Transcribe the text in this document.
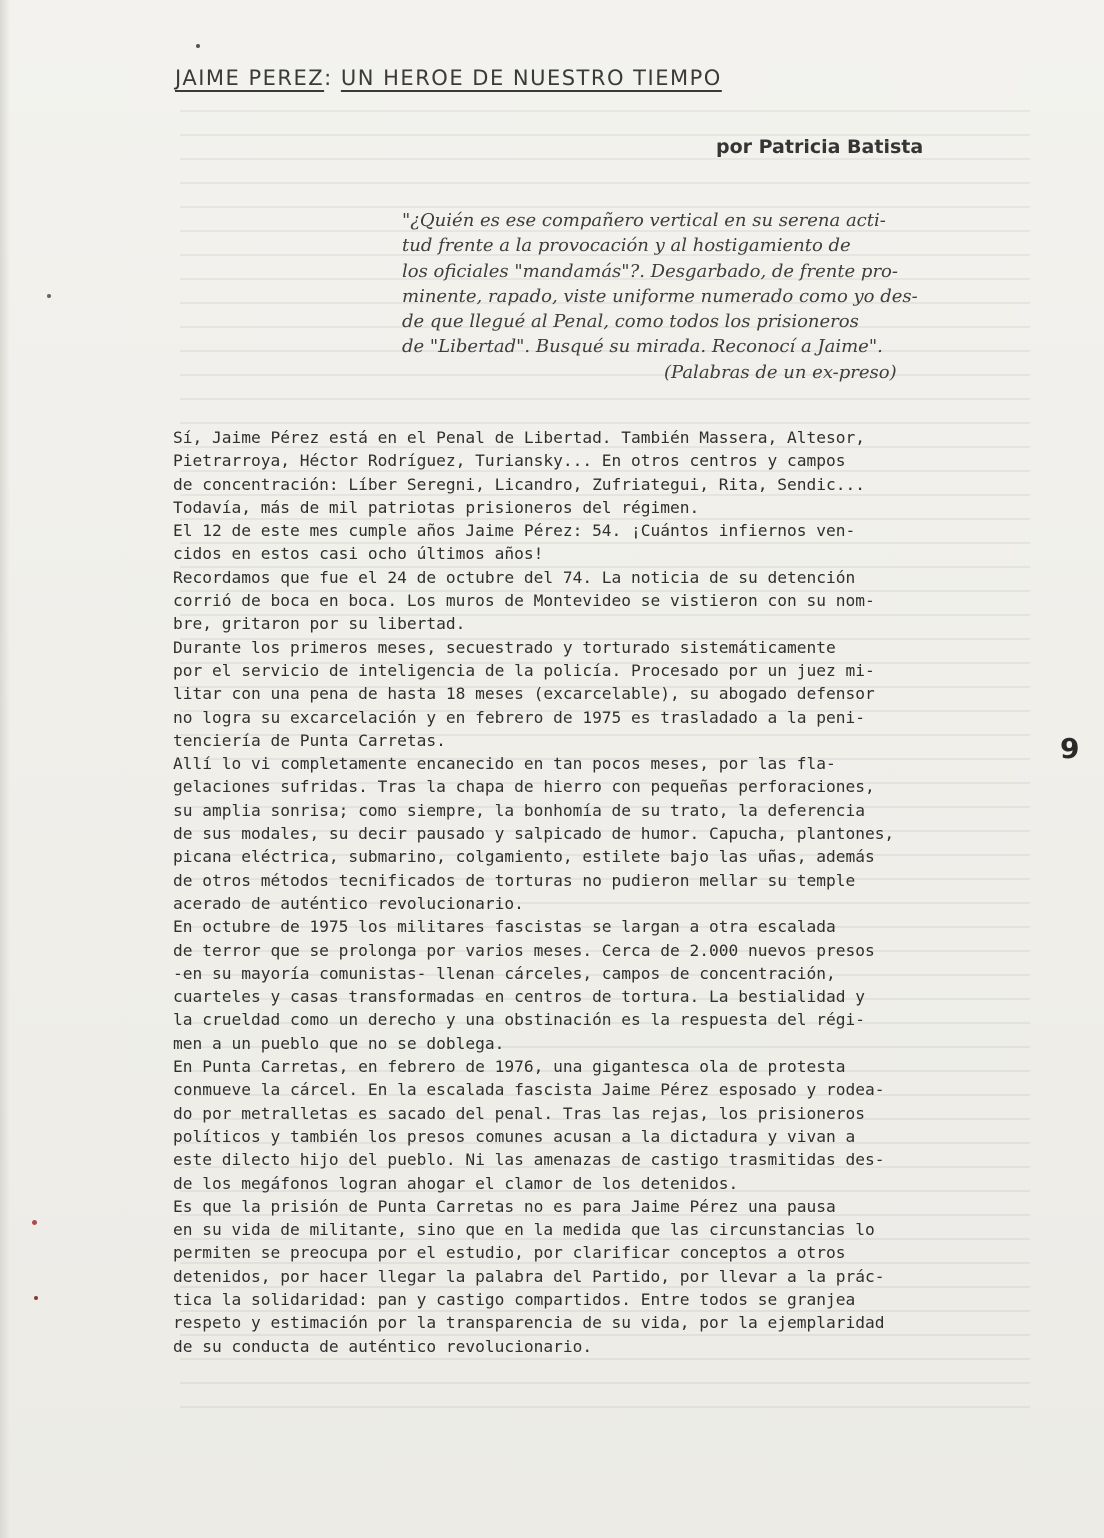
JAIME PEREZ: UN HEROE DE NUESTRO TIEMPO
por Patricia Batista
"¿Quién es ese compañero vertical en su serena acti-
tud frente a la provocación y al hostigamiento de
los oficiales "mandamás"?. Desgarbado, de frente pro-
minente, rapado, viste uniforme numerado como yo des-
de que llegué al Penal, como todos los prisioneros
de "Libertad". Busqué su mirada. Reconocí a Jaime".
(Palabras de un ex-preso)
Sí, Jaime Pérez está en el Penal de Libertad. También Massera, Altesor,
Pietrarroya, Héctor Rodríguez, Turiansky... En otros centros y campos
de concentración: Líber Seregni, Licandro, Zufriategui, Rita, Sendic...
Todavía, más de mil patriotas prisioneros del régimen.
El 12 de este mes cumple años Jaime Pérez: 54. ¡Cuántos infiernos ven-
cidos en estos casi ocho últimos años!
Recordamos que fue el 24 de octubre del 74. La noticia de su detención
corrió de boca en boca. Los muros de Montevideo se vistieron con su nom-
bre, gritaron por su libertad.
Durante los primeros meses, secuestrado y torturado sistemáticamente
por el servicio de inteligencia de la policía. Procesado por un juez mi-
litar con una pena de hasta 18 meses (excarcelable), su abogado defensor
no logra su excarcelación y en febrero de 1975 es trasladado a la peni-
tenciería de Punta Carretas.
Allí lo vi completamente encanecido en tan pocos meses, por las fla-
gelaciones sufridas. Tras la chapa de hierro con pequeñas perforaciones,
su amplia sonrisa; como siempre, la bonhomía de su trato, la deferencia
de sus modales, su decir pausado y salpicado de humor. Capucha, plantones,
picana eléctrica, submarino, colgamiento, estilete bajo las uñas, además
de otros métodos tecnificados de torturas no pudieron mellar su temple
acerado de auténtico revolucionario.
En octubre de 1975 los militares fascistas se largan a otra escalada
de terror que se prolonga por varios meses. Cerca de 2.000 nuevos presos
-en su mayoría comunistas- llenan cárceles, campos de concentración,
cuarteles y casas transformadas en centros de tortura. La bestialidad y
la crueldad como un derecho y una obstinación es la respuesta del régi-
men a un pueblo que no se doblega.
En Punta Carretas, en febrero de 1976, una gigantesca ola de protesta
conmueve la cárcel. En la escalada fascista Jaime Pérez esposado y rodea-
do por metralletas es sacado del penal. Tras las rejas, los prisioneros
políticos y también los presos comunes acusan a la dictadura y vivan a
este dilecto hijo del pueblo. Ni las amenazas de castigo trasmitidas des-
de los megáfonos logran ahogar el clamor de los detenidos.
Es que la prisión de Punta Carretas no es para Jaime Pérez una pausa
en su vida de militante, sino que en la medida que las circunstancias lo
permiten se preocupa por el estudio, por clarificar conceptos a otros
detenidos, por hacer llegar la palabra del Partido, por llevar a la prác-
tica la solidaridad: pan y castigo compartidos. Entre todos se granjea
respeto y estimación por la transparencia de su vida, por la ejemplaridad
de su conducta de auténtico revolucionario.
9
